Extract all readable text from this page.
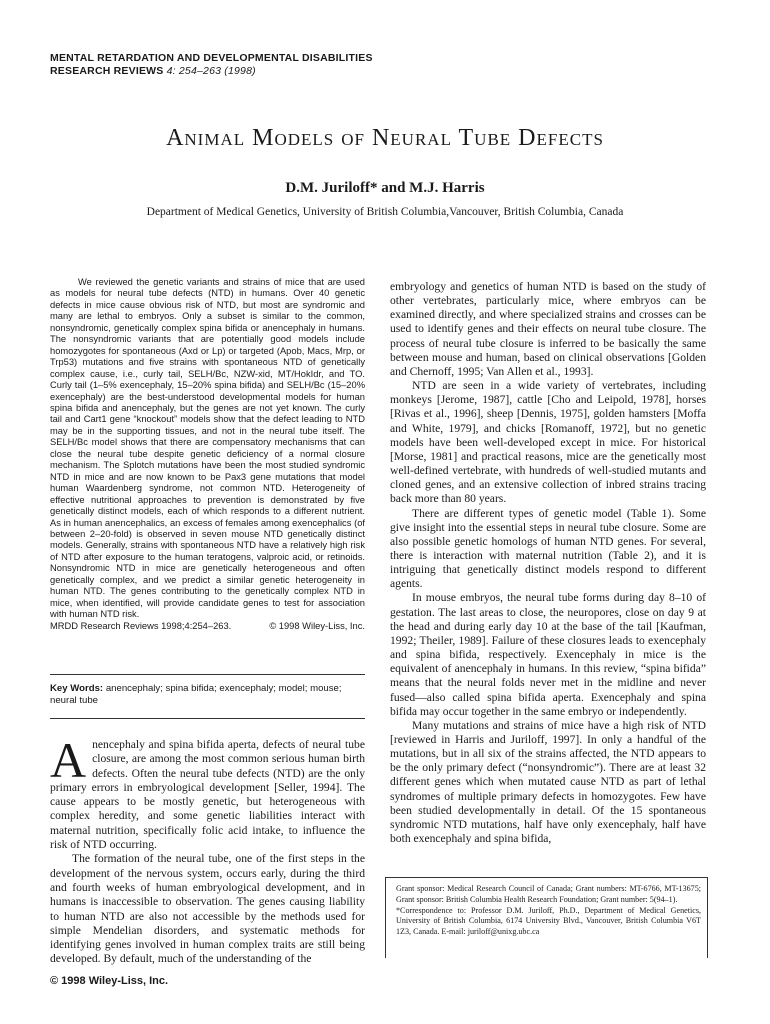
MENTAL RETARDATION AND DEVELOPMENTAL DISABILITIES
RESEARCH REVIEWS 4: 254–263 (1998)
Animal Models of Neural Tube Defects
D.M. Juriloff* and M.J. Harris
Department of Medical Genetics, University of British Columbia,Vancouver, British Columbia, Canada

We reviewed the genetic variants and strains of mice that are used as models for neural tube defects (NTD) in humans. Over 40 genetic defects in mice cause obvious risk of NTD, but most are syndromic and many are lethal to embryos. Only a subset is similar to the common, nonsyndromic, genetically complex spina bifida or anencephaly in humans. The nonsyndromic variants that are potentially good models include homozygotes for spontaneous (Axd or Lp) or targeted (Apob, Macs, Mrp, or Trp53) mutations and five strains with spontaneous NTD of genetically complex cause, i.e., curly tail, SELH/Bc, NZW-xid, MT/HokIdr, and TO. Curly tail (1–5% exencephaly, 15–20% spina bifida) and SELH/Bc (15–20% exencephaly) are the best-understood developmental models for human spina bifida and anencephaly, but the genes are not yet known. The curly tail and Cart1 gene “knockout” models show that the defect leading to NTD may be in the supporting tissues, and not in the neural tube itself. The SELH/Bc model shows that there are compensatory mechanisms that can close the neural tube despite genetic deficiency of a normal closure mechanism. The Splotch mutations have been the most studied syndromic NTD in mice and are now known to be Pax3 gene mutations that model human Waardenberg syndrome, not common NTD. Heterogeneity of effective nutritional approaches to prevention is demonstrated by five genetically distinct models, each of which responds to a different nutrient. As in human anencephalics, an excess of females among exencephalics (of between 2–20-fold) is observed in seven mouse NTD genetically distinct models. Generally, strains with spontaneous NTD have a relatively high risk of NTD after exposure to the human teratogens, valproic acid, or retinoids. Nonsyndromic NTD in mice are genetically heterogeneous and often genetically complex, and we predict a similar genetic heterogeneity in human NTD. The genes contributing to the genetically complex NTD in mice, when identified, will provide candidate genes to test for association with human NTD risk.

© 1998 Wiley-Liss, Inc.
MRDD Research Reviews 1998;4:254–263.

Key Words: anencephaly; spina bifida; exencephaly; model; mouse; neural tube

Anencephaly and spina bifida aperta, defects of neural tube closure, are among the most common serious human birth defects. Often the neural tube defects (NTD) are the only primary errors in embryological development [Seller, 1994]. The cause appears to be mostly genetic, but heterogeneous with complex heredity, and some genetic liabilities interact with maternal nutrition, specifically folic acid intake, to influence the risk of NTD occurring.

The formation of the neural tube, one of the first steps in the development of the nervous system, occurs early, during the third and fourth weeks of human embryological development, and in humans is inaccessible to observation. The genes causing liability to human NTD are also not accessible by the methods used for simple Mendelian disorders, and systematic methods for identifying genes involved in human complex traits are still being developed. By default, much of the understanding of the

© 1998 Wiley-Liss, Inc.

embryology and genetics of human NTD is based on the study of other vertebrates, particularly mice, where embryos can be examined directly, and where specialized strains and crosses can be used to identify genes and their effects on neural tube closure. The process of neural tube closure is inferred to be basically the same between mouse and human, based on clinical observations [Golden and Chernoff, 1995; Van Allen et al., 1993].

NTD are seen in a wide variety of vertebrates, including monkeys [Jerome, 1987], cattle [Cho and Leipold, 1978], horses [Rivas et al., 1996], sheep [Dennis, 1975], golden hamsters [Moffa and White, 1979], and chicks [Romanoff, 1972], but no genetic models have been well-developed except in mice. For historical [Morse, 1981] and practical reasons, mice are the genetically most well-defined vertebrate, with hundreds of well-studied mutants and cloned genes, and an extensive collection of inbred strains tracing back more than 80 years.

There are different types of genetic model (Table 1). Some give insight into the essential steps in neural tube closure. Some are also possible genetic homologs of human NTD genes. For several, there is interaction with maternal nutrition (Table 2), and it is intriguing that genetically distinct models respond to different agents.

In mouse embryos, the neural tube forms during day 8–10 of gestation. The last areas to close, the neuropores, close on day 9 at the head and during early day 10 at the base of the tail [Kaufman, 1992; Theiler, 1989]. Failure of these closures leads to exencephaly and spina bifida, respectively. Exencephaly in mice is the equivalent of anencephaly in humans. In this review, “spina bifida” means that the neural folds never met in the midline and never fused—also called spina bifida aperta. Exencephaly and spina bifida may occur together in the same embryo or independently.

Many mutations and strains of mice have a high risk of NTD [reviewed in Harris and Juriloff, 1997]. In only a handful of the mutations, but in all six of the strains affected, the NTD appears to be the only primary defect (“nonsyndromic”). There are at least 32 different genes which when mutated cause NTD as part of lethal syndromes of multiple primary defects in homozygotes. Few have been studied developmentally in detail. Of the 15 spontaneous syndromic NTD mutations, half have only exencephaly, half have both exencephaly and spina bifida,

Grant sponsor: Medical Research Council of Canada; Grant numbers: MT-6766, MT-13675; Grant sponsor: British Columbia Health Research Foundation; Grant number: 5(94–1).

*Correspondence to: Professor D.M. Juriloff, Ph.D., Department of Medical Genetics, University of British Columbia, 6174 University Blvd., Vancouver, British Columbia V6T 1Z3, Canada. E-mail: juriloff@unixg.ubc.ca
